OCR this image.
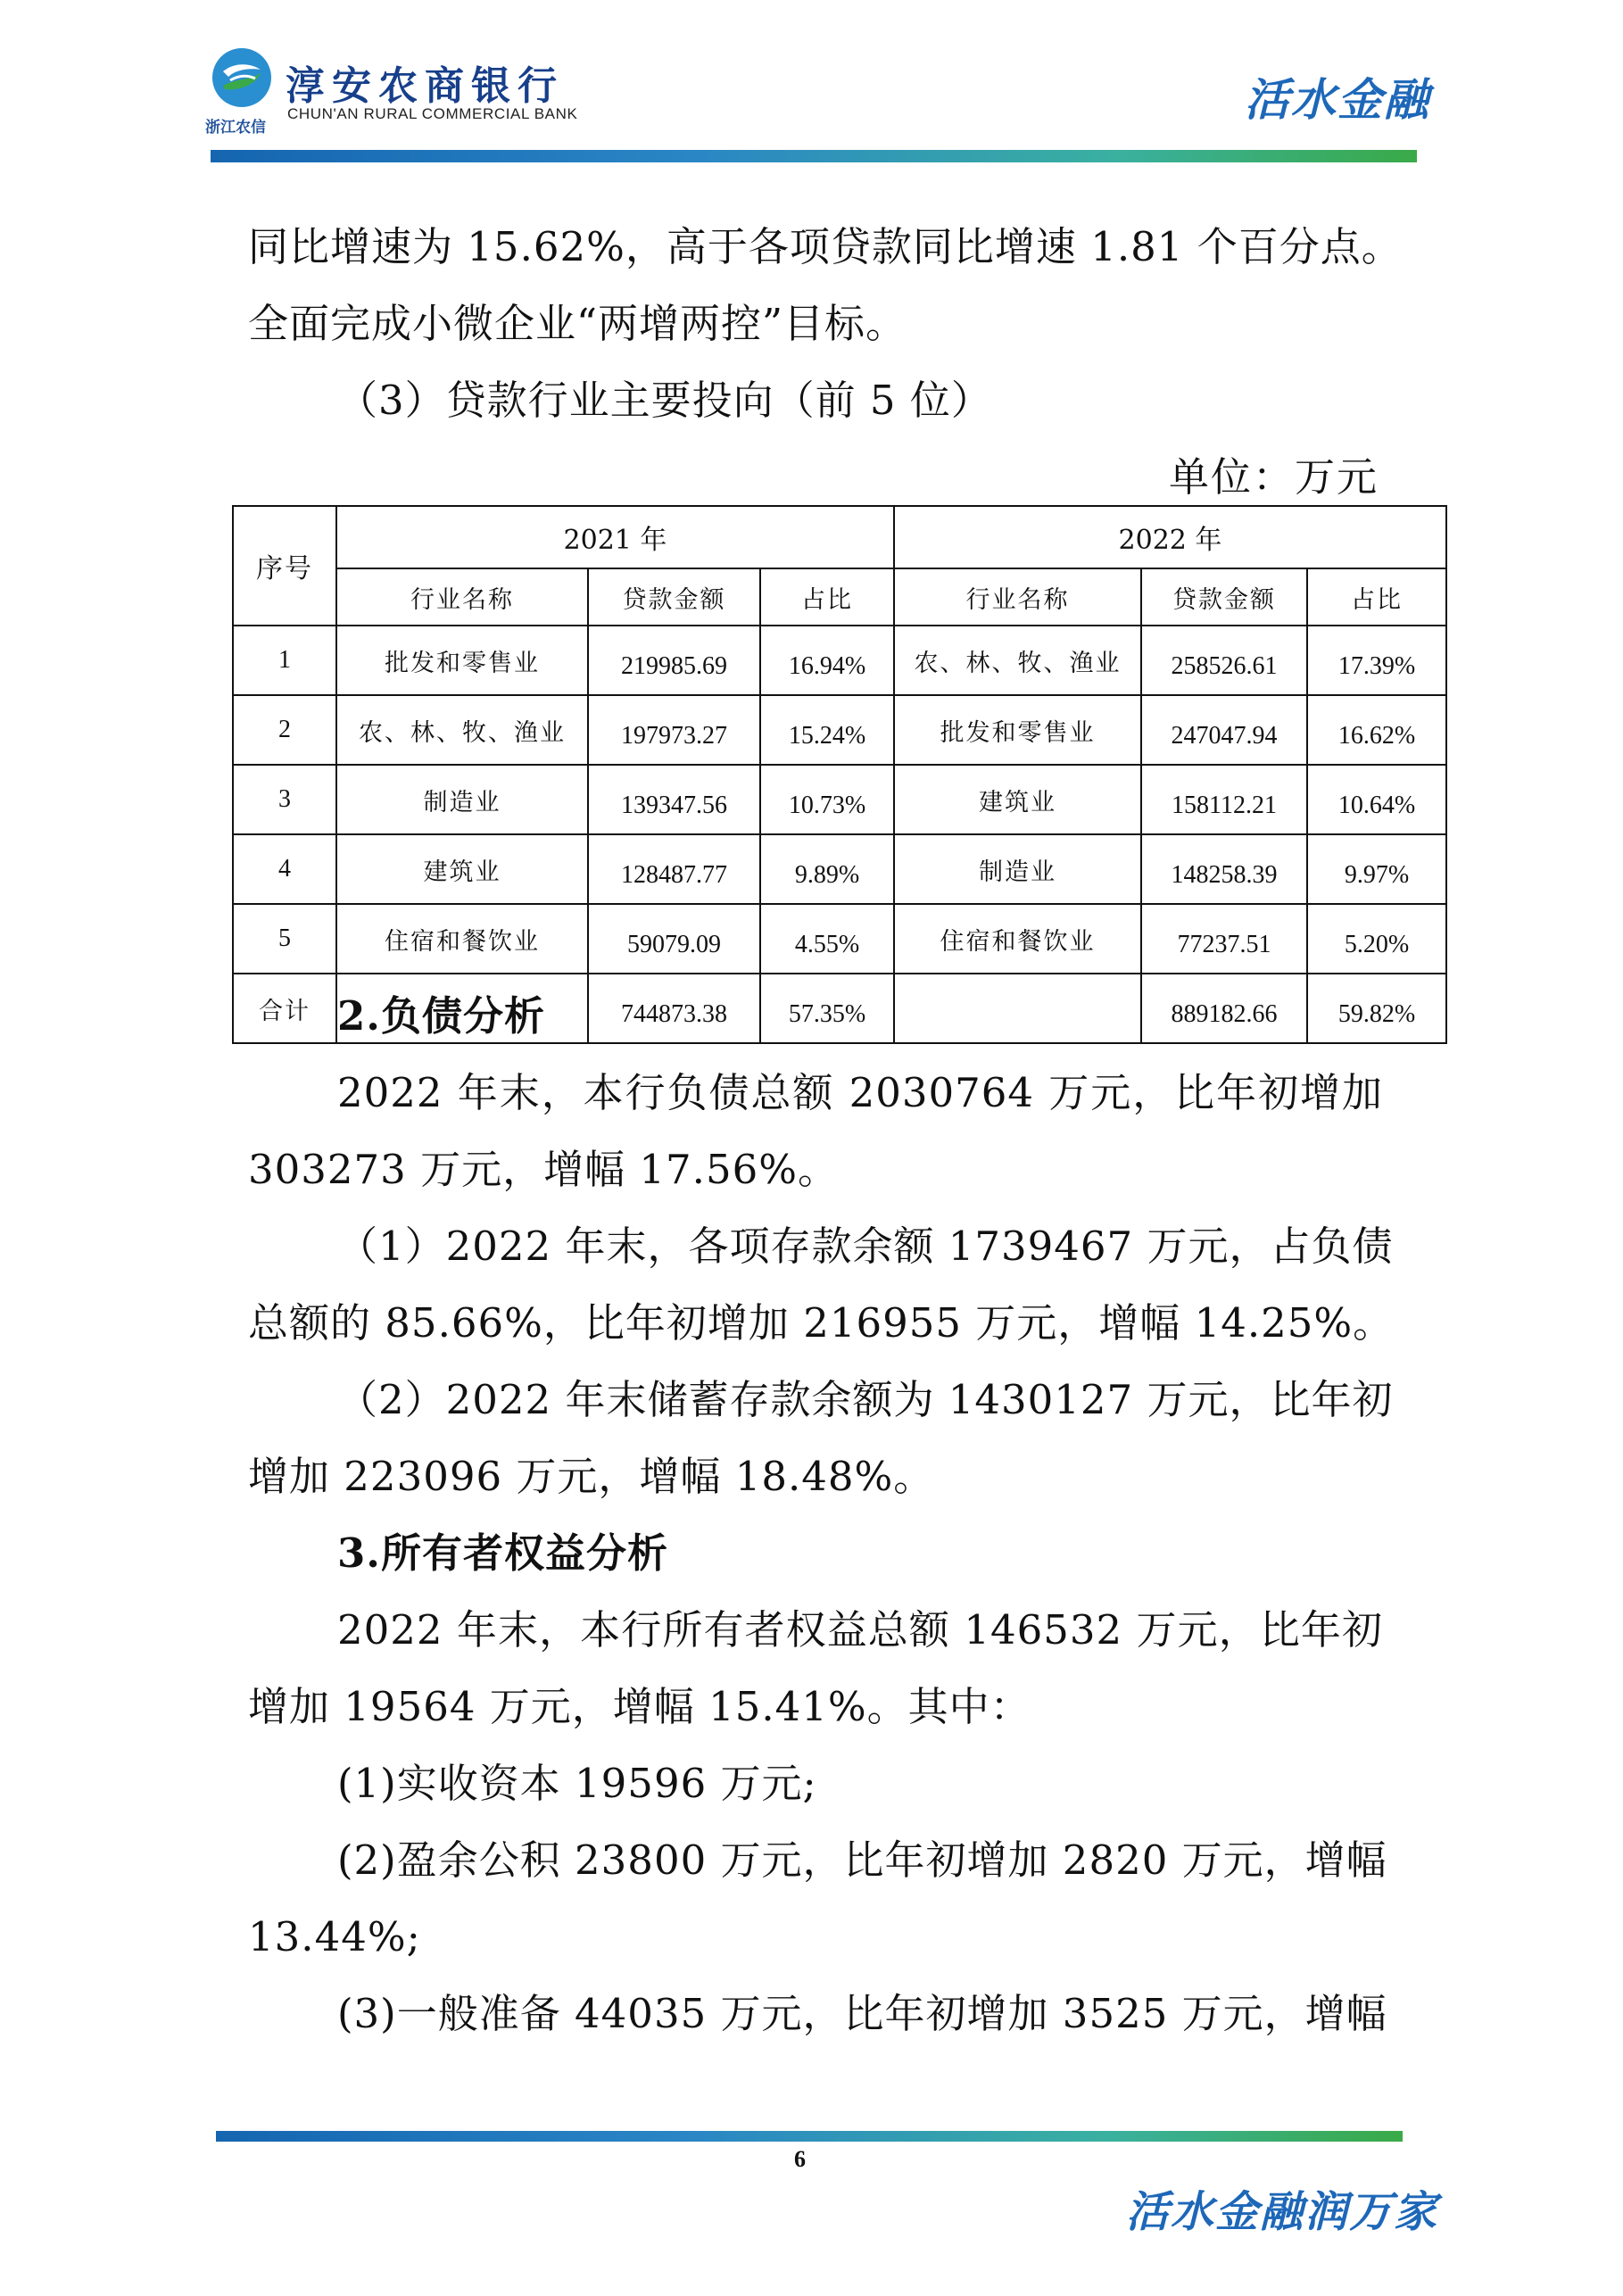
浙江农信
淳安农商银行
CHUN'AN RURAL COMMERCIAL BANK	活水金融
同比增速为 15.62%，高于各项贷款同比增速 1.81 个百分点。
全面完成小微企业“两增两控”目标。
（3）贷款行业主要投向（前 5 位）
单位：万元
序号	2021 年			2022 年		
	行业名称	贷款金额	占比	行业名称	贷款金额	占比
1	批发和零售业	219985.69	16.94%	农、林、牧、渔业	258526.61	17.39%
2	农、林、牧、渔业	197973.27	15.24%	批发和零售业	247047.94	16.62%
3	制造业	139347.56	10.73%	建筑业	158112.21	10.64%
4	建筑业	128487.77	9.89%	制造业	148258.39	9.97%
5	住宿和餐饮业	59079.09	4.55%	住宿和餐饮业	77237.51	5.20%
合计		744873.38	57.35%		889182.66	59.82%
2.负债分析
2022 年末，本行负债总额 2030764 万元，比年初增加
303273 万元，增幅 17.56%。
（1）2022 年末，各项存款余额 1739467 万元，占负债
总额的 85.66%，比年初增加 216955 万元，增幅 14.25%。
（2）2022 年末储蓄存款余额为 1430127 万元，比年初
增加 223096 万元，增幅 18.48%。
3.所有者权益分析
2022 年末，本行所有者权益总额 146532 万元，比年初
增加 19564 万元，增幅 15.41%。其中：
(1)实收资本 19596 万元;
(2)盈余公积 23800 万元，比年初增加 2820 万元，增幅
13.44%;
(3)一般准备 44035 万元，比年初增加 3525 万元，增幅
6
活水金融润万家
